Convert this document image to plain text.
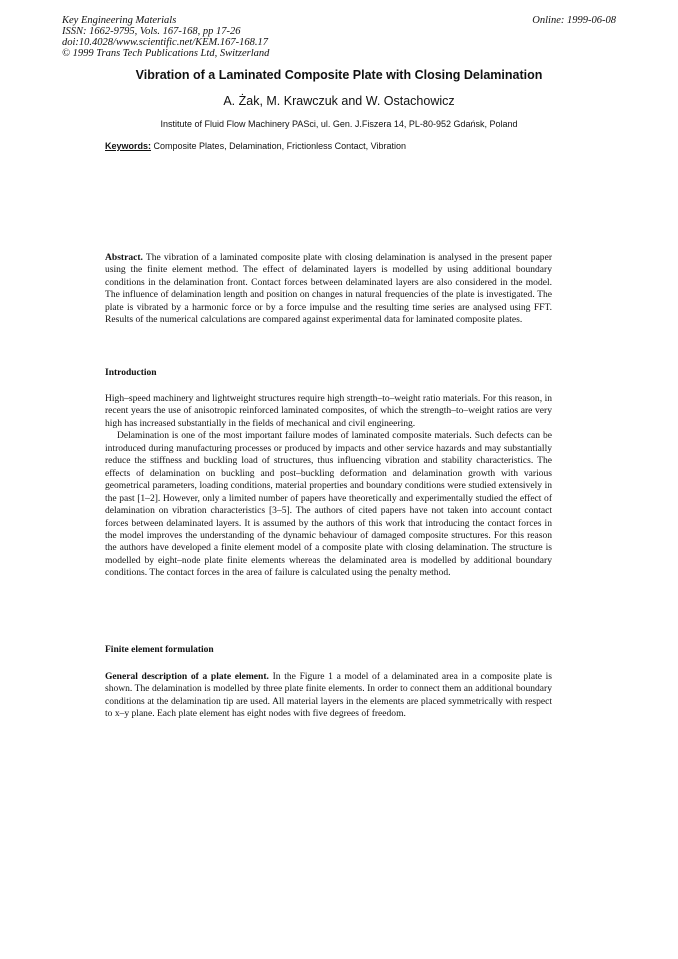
Key Engineering Materials
ISSN: 1662-9795, Vols. 167-168, pp 17-26
doi:10.4028/www.scientific.net/KEM.167-168.17
© 1999 Trans Tech Publications Ltd, Switzerland
Online: 1999-06-08
Vibration of a Laminated Composite Plate with Closing Delamination
A. Żak, M. Krawczuk and W. Ostachowicz
Institute of Fluid Flow Machinery PASci, ul. Gen. J.Fiszera 14, PL-80-952 Gdańsk, Poland
Keywords: Composite Plates, Delamination, Frictionless Contact, Vibration

Abstract. The vibration of a laminated composite plate with closing delamination is analysed in the present paper using the finite element method. The effect of delaminated layers is modelled by using additional boundary conditions in the delamination front. Contact forces between delaminated layers are also considered in the model. The influence of delamination length and position on changes in natural frequencies of the plate is investigated. The plate is vibrated by a harmonic force or by a force impulse and the resulting time series are analysed using FFT. Results of the numerical calculations are compared against experimental data for laminated composite plates.

Introduction

High–speed machinery and lightweight structures require high strength–to–weight ratio materials. For this reason, in recent years the use of anisotropic reinforced laminated composites, of which the strength–to–weight ratios are very high has increased substantially in the fields of mechanical and civil engineering.

Delamination is one of the most important failure modes of laminated composite materials. Such defects can be introduced during manufacturing processes or produced by impacts and other service hazards and may substantially reduce the stiffness and buckling load of structures, thus influencing vibration and stability characteristics. The effects of delamination on buckling and post–buckling deformation and delamination growth with various geometrical parameters, loading conditions, material properties and boundary conditions were studied extensively in the past [1–2]. However, only a limited number of papers have theoretically and experimentally studied the effect of delamination on vibration characteristics [3–5]. The authors of cited papers have not taken into account contact forces between delaminated layers. It is assumed by the authors of this work that introducing the contact forces in the model improves the understanding of the dynamic behaviour of damaged composite structures. For this reason the authors have developed a finite element model of a composite plate with closing delamination. The structure is modelled by eight–node plate finite elements whereas the delaminated area is modelled by additional boundary conditions. The contact forces in the area of failure is calculated using the penalty method.

Finite element formulation

General description of a plate element. In the Figure 1 a model of a delaminated area in a composite plate is shown. The delamination is modelled by three plate finite elements. In order to connect them an additional boundary conditions at the delamination tip are used. All material layers in the elements are placed symmetrically with respect to x–y plane. Each plate element has eight nodes with five degrees of freedom.
